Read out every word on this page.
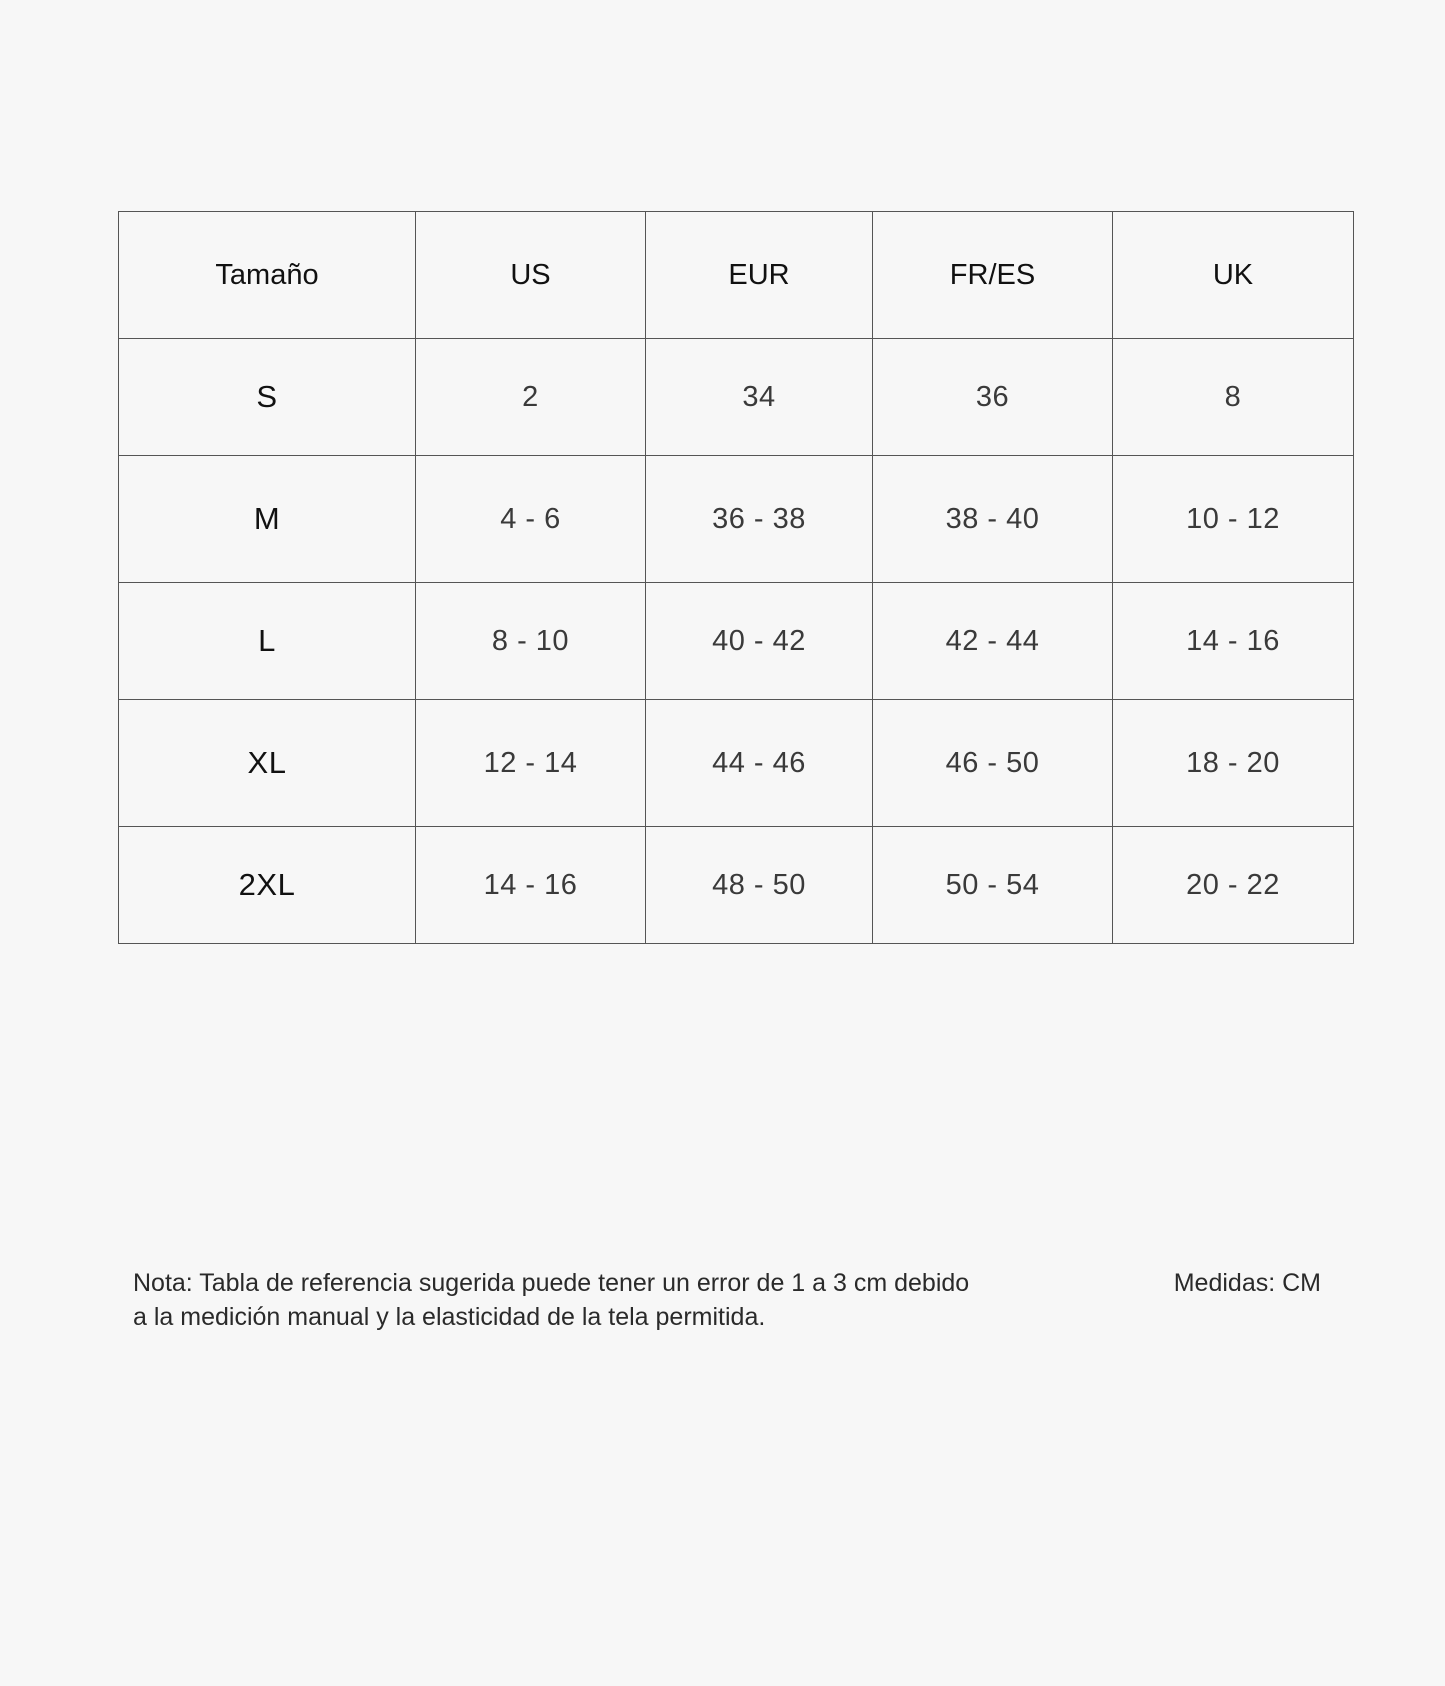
Tamaño	US	EUR	FR/ES	UK
S	2	34	36	8
M	4 - 6	36 - 38	38 - 40	10 - 12
L	8 - 10	40 - 42	42 - 44	14 - 16
XL	12 - 14	44 - 46	46 - 50	18 - 20
2XL	14 - 16	48 - 50	50 - 54	20 - 22
Nota: Tabla de referencia sugerida puede tener un error de 1 a 3 cm debido
a la medición manual y la elasticidad de la tela permitida.
Medidas: CM
